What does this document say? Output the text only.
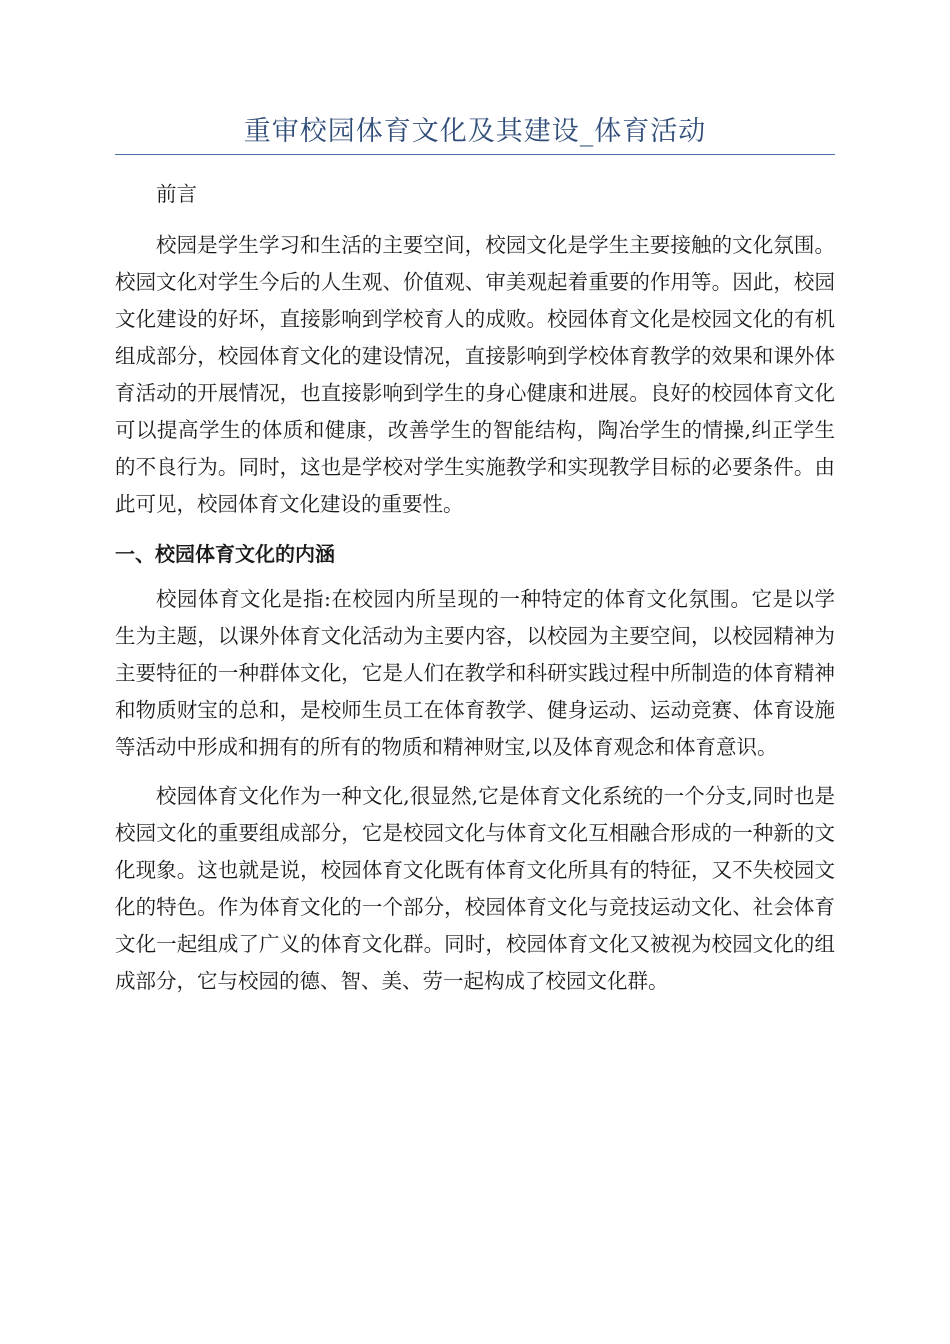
重审校园体育文化及其建设_体育活动

前言

校园是学生学习和生活的主要空间，校园文化是学生主要接触的文化氛围。校园文化对学生今后的人生观、价值观、审美观起着重要的作用等。因此，校园文化建设的好坏，直接影响到学校育人的成败。校园体育文化是校园文化的有机组成部分，校园体育文化的建设情况，直接影响到学校体育教学的效果和课外体育活动的开展情况，也直接影响到学生的身心健康和进展。良好的校园体育文化可以提高学生的体质和健康，改善学生的智能结构，陶冶学生的情操,纠正学生的不良行为。同时，这也是学校对学生实施教学和实现教学目标的必要条件。由此可见，校园体育文化建设的重要性。

一、校园体育文化的内涵

校园体育文化是指:在校园内所呈现的一种特定的体育文化氛围。它是以学生为主题，以课外体育文化活动为主要内容，以校园为主要空间，以校园精神为主要特征的一种群体文化，它是人们在教学和科研实践过程中所制造的体育精神和物质财宝的总和，是校师生员工在体育教学、健身运动、运动竞赛、体育设施等活动中形成和拥有的所有的物质和精神财宝,以及体育观念和体育意识。

校园体育文化作为一种文化,很显然,它是体育文化系统的一个分支,同时也是校园文化的重要组成部分，它是校园文化与体育文化互相融合形成的一种新的文化现象。这也就是说，校园体育文化既有体育文化所具有的特征，又不失校园文化的特色。作为体育文化的一个部分，校园体育文化与竞技运动文化、社会体育文化一起组成了广义的体育文化群。同时，校园体育文化又被视为校园文化的组成部分，它与校园的德、智、美、劳一起构成了校园文化群。
